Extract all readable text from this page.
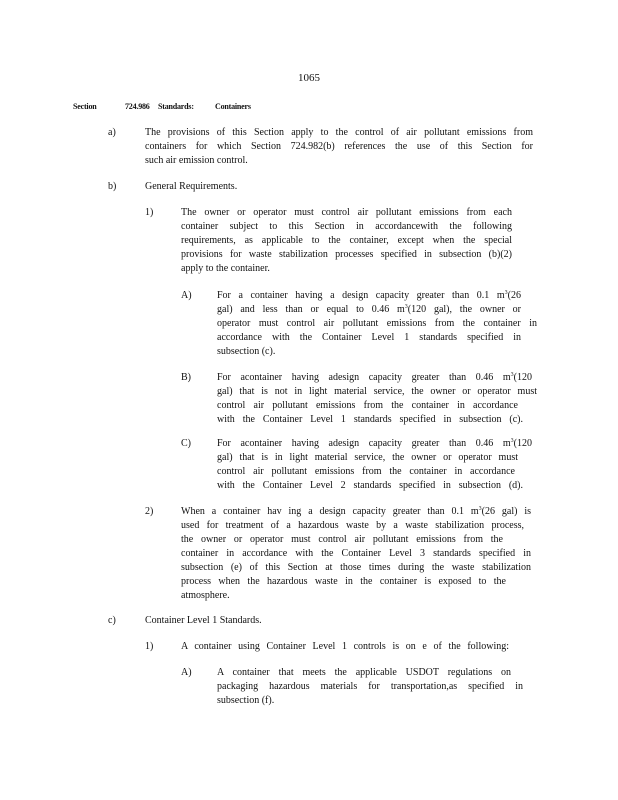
1065
Section	724.986 Standards:	Containers
a)	The provisions of this Section apply to the control of air pollutant emissions from
containers for which Section 724.982(b) references the use of this Section for
such air emission control.
b)	General Requirements.
1)	The owner or operator must control air pollutant emissions from each
container subject to this Section in accordancewith the following
requirements, as applicable to the container, except when the special
provisions for waste stabilization processes specified in subsection (b)(2)
apply to the container.
A)	For a container having a design capacity greater than 0.1 $m^3(26$
gal) and less than or equal to 0.46 $m^3(120$ gal), the owner or
operator must control air pollutant emissions from the container in
accordance with the Container Level 1 standards specified in
subsection (c).
B)	For acontainer having adesign capacity greater than 0.46 $m^3(120$
gal) that is not in light material service, the owner or operator must
control air pollutant emissions from the container in accordance
with the Container Level 1 standards specified in subsection (c).
C)	For acontainer having adesign capacity greater than 0.46 $m^3(120$
gal) that is in light material service, the owner or operator must
control air pollutant emissions from the container in accordance
with the Container Level 2 standards specified in subsection (d).
2)	When a container hav ing a design capacity greater than 0.1 $m^3(26$ gal) is
used for treatment of a hazardous waste by a waste stabilization process,
the owner or operator must control air pollutant emissions from the
container in accordance with the Container Level 3 standards specified in
subsection (e) of this Section at those times during the waste stabilization
process when the hazardous waste in the container is exposed to the
atmosphere.
c)	Container Level 1 Standards.
1)	A container using Container Level 1 controls is on e of the following:
A)	A container that meets the applicable USDOT regulations on
packaging hazardous materials for transportation,as specified in
subsection (f).
